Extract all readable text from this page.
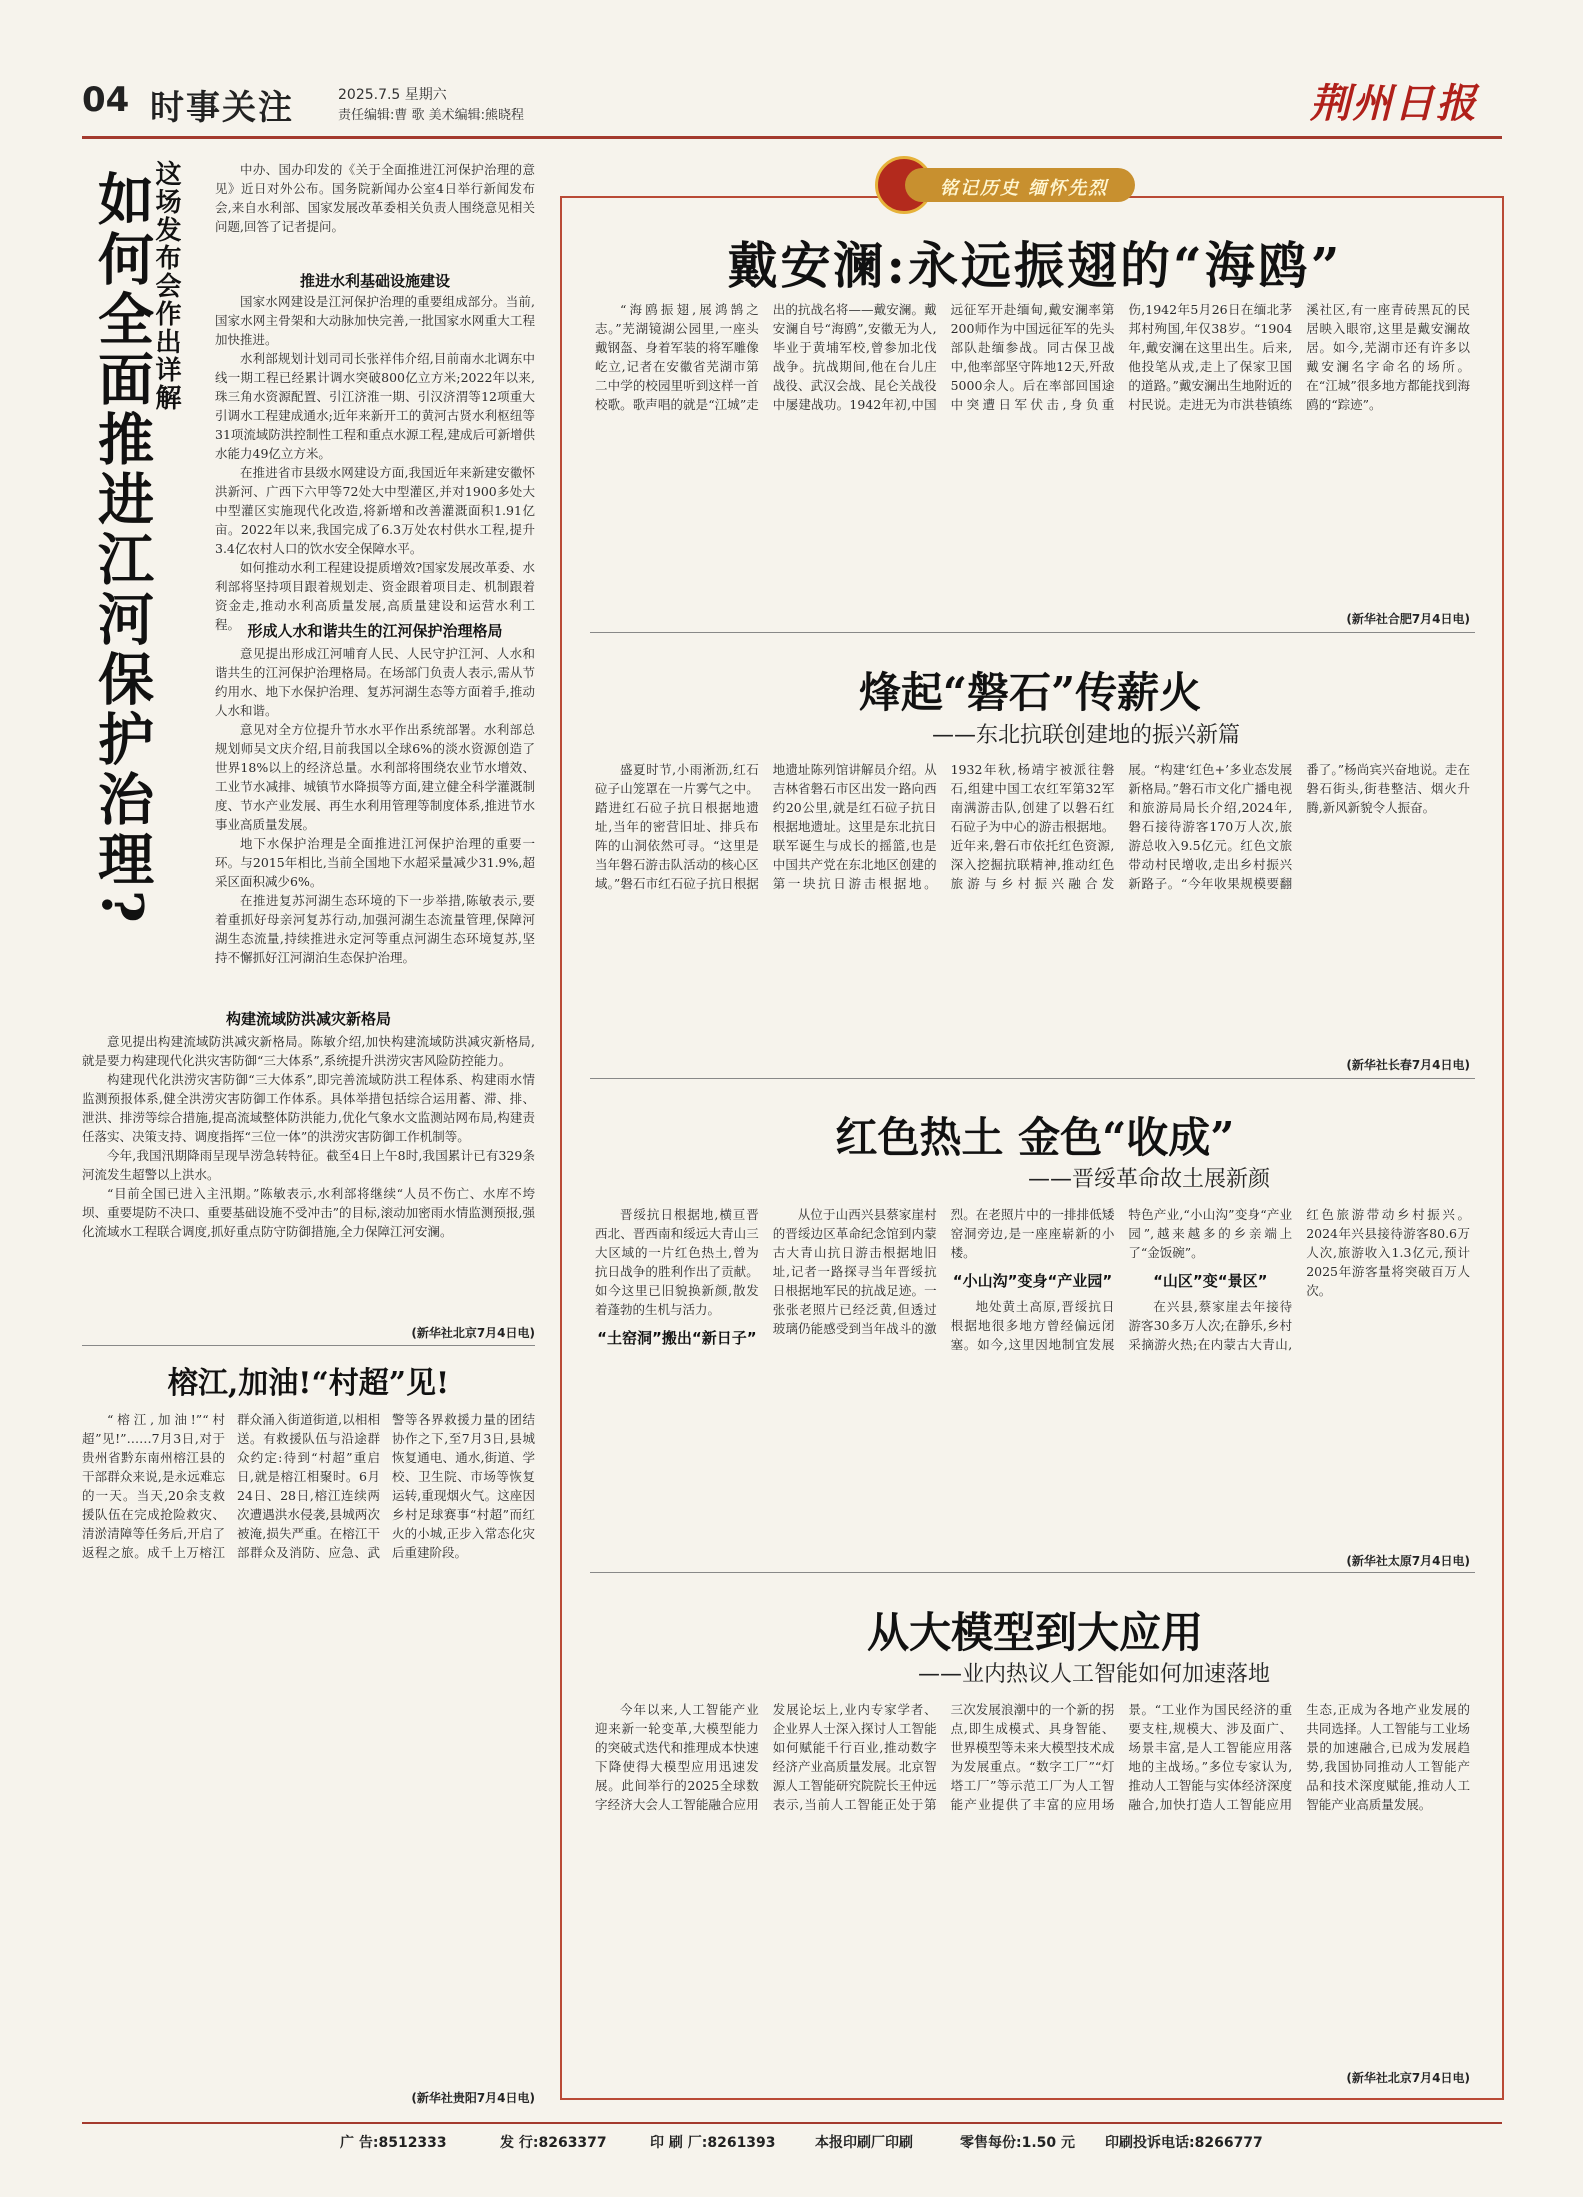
04 时事关注	2025.7.5 星期六
责任编辑:曹 歌 美术编辑:熊晓程	荆州日报
这场发布会作出详解
如何全面推进江河保护治理?

中办、国办印发的《关于全面推进江河保护治理的意见》近日对外公布。国务院新闻办公室4日举行新闻发布会,来自水利部、国家发展改革委相关负责人围绕意见相关问题,回答了记者提问。

推进水利基础设施建设

国家水网建设是江河保护治理的重要组成部分。当前,国家水网主骨架和大动脉加快完善,一批国家水网重大工程加快推进。

水利部规划计划司司长张祥伟介绍,目前南水北调东中线一期工程已经累计调水突破800亿立方米;2022年以来,珠三角水资源配置、引江济淮一期、引汉济渭等12项重大引调水工程建成通水;近年来新开工的黄河古贤水利枢纽等31项流域防洪控制性工程和重点水源工程,建成后可新增供水能力49亿立方米。

在推进省市县级水网建设方面,我国近年来新建安徽怀洪新河、广西下六甲等72处大中型灌区,并对1900多处大中型灌区实施现代化改造,将新增和改善灌溉面积1.91亿亩。2022年以来,我国完成了6.3万处农村供水工程,提升3.4亿农村人口的饮水安全保障水平。

如何推动水利工程建设提质增效?国家发展改革委、水利部将坚持项目跟着规划走、资金跟着项目走、机制跟着资金走,推动水利高质量发展,高质量建设和运营水利工程。 形成人水和谐共生的江河保护治理格局

意见提出形成江河哺育人民、人民守护江河、人水和谐共生的江河保护治理格局。在场部门负责人表示,需从节约用水、地下水保护治理、复苏河湖生态等方面着手,推动人水和谐。

意见对全方位提升节水水平作出系统部署。水利部总规划师吴文庆介绍,目前我国以全球6%的淡水资源创造了世界18%以上的经济总量。水利部将围绕农业节水增效、工业节水减排、城镇节水降损等方面,建立健全科学灌溉制度、节水产业发展、再生水利用管理等制度体系,推进节水事业高质量发展。

地下水保护治理是全面推进江河保护治理的重要一环。与2015年相比,当前全国地下水超采量减少31.9%,超采区面积减少6%。

在推进复苏河湖生态环境的下一步举措,陈敏表示,要着重抓好母亲河复苏行动,加强河湖生态流量管理,保障河湖生态流量,持续推进永定河等重点河湖生态环境复苏,坚持不懈抓好江河湖泊生态保护治理。

构建流域防洪减灾新格局

意见提出构建流域防洪减灾新格局。陈敏介绍,加快构建流域防洪减灾新格局,就是要力构建现代化洪灾害防御“三大体系”,系统提升洪涝灾害风险防控能力。

构建现代化洪涝灾害防御“三大体系”,即完善流域防洪工程体系、构建雨水情监测预报体系,健全洪涝灾害防御工作体系。具体举措包括综合运用蓄、滞、排、泄洪、排涝等综合措施,提高流域整体防洪能力,优化气象水文监测站网布局,构建责任落实、决策支持、调度指挥“三位一体”的洪涝灾害防御工作机制等。

今年,我国汛期降雨呈现旱涝急转特征。截至4日上午8时,我国累计已有329条河流发生超警以上洪水。

“目前全国已进入主汛期。”陈敏表示,水利部将继续“人员不伤亡、水库不垮坝、重要堤防不决口、重要基础设施不受冲击”的目标,滚动加密雨水情监测预报,强化流域水工程联合调度,抓好重点防守防御措施,全力保障江河安澜。

(新华社北京7月4日电)
榕江,加油!“村超”见!

“榕江,加油!”“村超”见!”……7月3日,对于贵州省黔东南州榕江县的干部群众来说,是永远难忘的一天。当天,20余支救援队伍在完成抢险救灾、清淤清障等任务后,开启了返程之旅。成千上万榕江群众涌入街道街道,以相相送。有救援队伍与沿途群众约定:待到“村超”重启日,就是榕江相聚时。6月24日、28日,榕江连续两次遭遇洪水侵袭,县城两次被淹,损失严重。在榕江干部群众及消防、应急、武警等各界救援力量的团结协作之下,至7月3日,县城恢复通电、通水,街道、学校、卫生院、市场等恢复运转,重现烟火气。这座因乡村足球赛事“村超”而红火的小城,正步入常态化灾后重建阶段。

(新华社贵阳7月4日电)
铭记历史 缅怀先烈
戴安澜:永远振翅的“海鸥”

“海鸥振翅,展鸿鹄之志。”芜湖镜湖公园里,一座头戴钢盔、身着军装的将军雕像屹立,记者在安徽省芜湖市第二中学的校园里听到这样一首校歌。歌声唱的就是“江城”走出的抗战名将——戴安澜。戴安澜自号“海鸥”,安徽无为人,毕业于黄埔军校,曾参加北伐战争。抗战期间,他在台儿庄战役、武汉会战、昆仑关战役中屡建战功。1942年初,中国远征军开赴缅甸,戴安澜率第200师作为中国远征军的先头部队赴缅参战。同古保卫战中,他率部坚守阵地12天,歼敌5000余人。后在率部回国途中突遭日军伏击,身负重伤,1942年5月26日在缅北茅邦村殉国,年仅38岁。“1904年,戴安澜在这里出生。后来,他投笔从戎,走上了保家卫国的道路。”戴安澜出生地附近的村民说。走进无为市洪巷镇练溪社区,有一座青砖黑瓦的民居映入眼帘,这里是戴安澜故居。如今,芜湖市还有许多以戴安澜名字命名的场所。在“江城”很多地方都能找到海鸥的“踪迹”。

(新华社合肥7月4日电)
烽起“磐石”传薪火
——东北抗联创建地的振兴新篇

盛夏时节,小雨淅沥,红石砬子山笼罩在一片雾气之中。踏进红石砬子抗日根据地遗址,当年的密营旧址、排兵布阵的山洞依然可寻。“这里是当年磐石游击队活动的核心区域。”磐石市红石砬子抗日根据地遗址陈列馆讲解员介绍。从吉林省磐石市区出发一路向西约20公里,就是红石砬子抗日根据地遗址。这里是东北抗日联军诞生与成长的摇篮,也是中国共产党在东北地区创建的第一块抗日游击根据地。1932年秋,杨靖宇被派往磐石,组建中国工农红军第32军南满游击队,创建了以磐石红石砬子为中心的游击根据地。近年来,磐石市依托红色资源,深入挖掘抗联精神,推动红色旅游与乡村振兴融合发展。“构建‘红色+’多业态发展新格局。”磐石市文化广播电视和旅游局局长介绍,2024年,磐石接待游客170万人次,旅游总收入9.5亿元。红色文旅带动村民增收,走出乡村振兴新路子。“今年收果规模要翻番了。”杨尚宾兴奋地说。走在磐石街头,街巷整洁、烟火升腾,新风新貌令人振奋。

(新华社长春7月4日电)
红色热土 金色“收成”
——晋绥革命故土展新颜

晋绥抗日根据地,横亘晋西北、晋西南和绥远大青山三大区域的一片红色热土,曾为抗日战争的胜利作出了贡献。如今这里已旧貌换新颜,散发着蓬勃的生机与活力。

“土窑洞”搬出“新日子”

从位于山西兴县蔡家崖村的晋绥边区革命纪念馆到内蒙古大青山抗日游击根据地旧址,记者一路探寻当年晋绥抗日根据地军民的抗战足迹。一张张老照片已经泛黄,但透过玻璃仍能感受到当年战斗的激烈。在老照片中的一排排低矮窑洞旁边,是一座座崭新的小楼。

“小山沟”变身“产业园”

地处黄土高原,晋绥抗日根据地很多地方曾经偏远闭塞。如今,这里因地制宜发展特色产业,“小山沟”变身“产业园”,越来越多的乡亲端上了“金饭碗”。

“山区”变“景区”

在兴县,蔡家崖去年接待游客30多万人次;在静乐,乡村采摘游火热;在内蒙古大青山,红色旅游带动乡村振兴。2024年兴县接待游客80.6万人次,旅游收入1.3亿元,预计2025年游客量将突破百万人次。

(新华社太原7月4日电)
从大模型到大应用
——业内热议人工智能如何加速落地

今年以来,人工智能产业迎来新一轮变革,大模型能力的突破式迭代和推理成本快速下降使得大模型应用迅速发展。此间举行的2025全球数字经济大会人工智能融合应用发展论坛上,业内专家学者、企业界人士深入探讨人工智能如何赋能千行百业,推动数字经济产业高质量发展。北京智源人工智能研究院院长王仲远表示,当前人工智能正处于第三次发展浪潮中的一个新的拐点,即生成模式、具身智能、世界模型等未来大模型技术成为发展重点。“数字工厂”“灯塔工厂”等示范工厂为人工智能产业提供了丰富的应用场景。“工业作为国民经济的重要支柱,规模大、涉及面广、场景丰富,是人工智能应用落地的主战场。”多位专家认为,推动人工智能与实体经济深度融合,加快打造人工智能应用生态,正成为各地产业发展的共同选择。人工智能与工业场景的加速融合,已成为发展趋势,我国协同推动人工智能产品和技术深度赋能,推动人工智能产业高质量发展。

(新华社北京7月4日电)
广 告:8512333	发 行:8263377	印 刷 厂:8261393	本报印刷厂印刷	零售每份:1.50 元 印刷投诉电话:8266777
